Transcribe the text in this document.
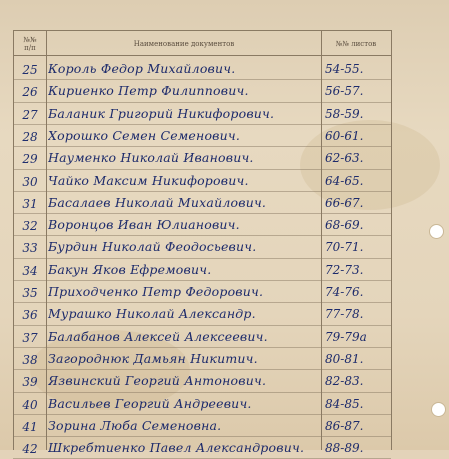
№№
п/п	Наименование документов	№№ листов
25 Король Федор Михайлович.	54-55.
26 Кириенко Петр Филиппович.	56-57.
27 Баланик Григорий Никифорович.	58-59.
28 Хорошко Семен Семенович.	60-61.
29 Науменко Николай Иванович.	62-63.
30 Чайко Максим Никифорович.	64-65.
31 Басалаев Николай Михайлович.	66-67.
32 Воронцов Иван Юлианович.	68-69.
33 Бурдин Николай Феодосьевич.	70-71.
34 Бакун Яков Ефремович.	72-73.
35 Приходченко Петр Федорович.	74-76.
36 Мурашко Николай Александр.	77-78.
37 Балабанов Алексей Алексеевич.	79-79а
38 Загороднюк Дамьян Никитич.	80-81.
39 Язвинский Георгий Антонович.	82-83.
40 Васильев Георгий Андреевич.	84-85.
41 Зорина Люба Семеновна.	86-87.
42 Шкребтиенко Павел Александрович.	88-89.
